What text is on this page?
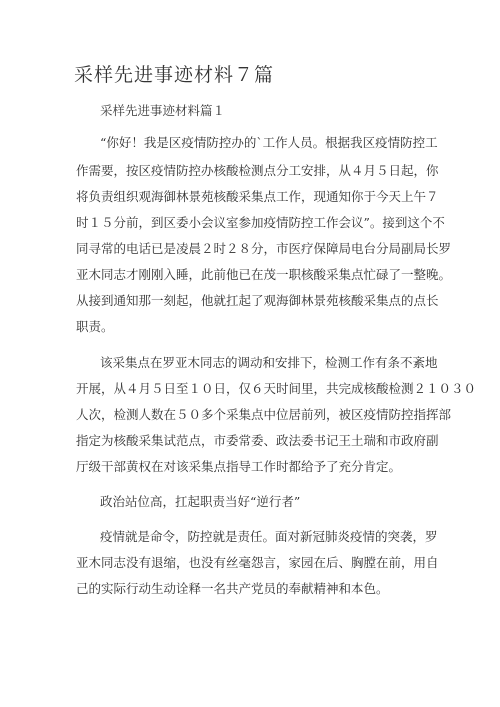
采样先进事迹材料７篇
采样先进事迹材料篇１
“你好！我是区疫情防控办的`工作人员。根据我区疫情防控工
作需要，按区疫情防控办核酸检测点分工安排，从４月５日起，你
将负责组织观海御林景苑核酸采集点工作，现通知你于今天上午７
时１５分前，到区委小会议室参加疫情防控工作会议”。接到这个不
同寻常的电话已是凌晨２时２８分，市医疗保障局电台分局副局长罗
亚木同志才刚刚入睡，此前他已在茂一职核酸采集点忙碌了一整晚。
从接到通知那一刻起，他就扛起了观海御林景苑核酸采集点的点长
职责。
该采集点在罗亚木同志的调动和安排下，检测工作有条不紊地
开展，从４月５日至１０日，仅６天时间里，共完成核酸检测２１０３０
人次，检测人数在５０多个采集点中位居前列，被区疫情防控指挥部
指定为核酸采集试范点，市委常委、政法委书记王土瑞和市政府副
厅级干部黄权在对该采集点指导工作时都给予了充分肯定。
政治站位高，扛起职责当好“逆行者”
疫情就是命令，防控就是责任。面对新冠肺炎疫情的突袭，罗
亚木同志没有退缩，也没有丝毫怨言，家园在后、胸膛在前，用自
己的实际行动生动诠释一名共产党员的奉献精神和本色。
